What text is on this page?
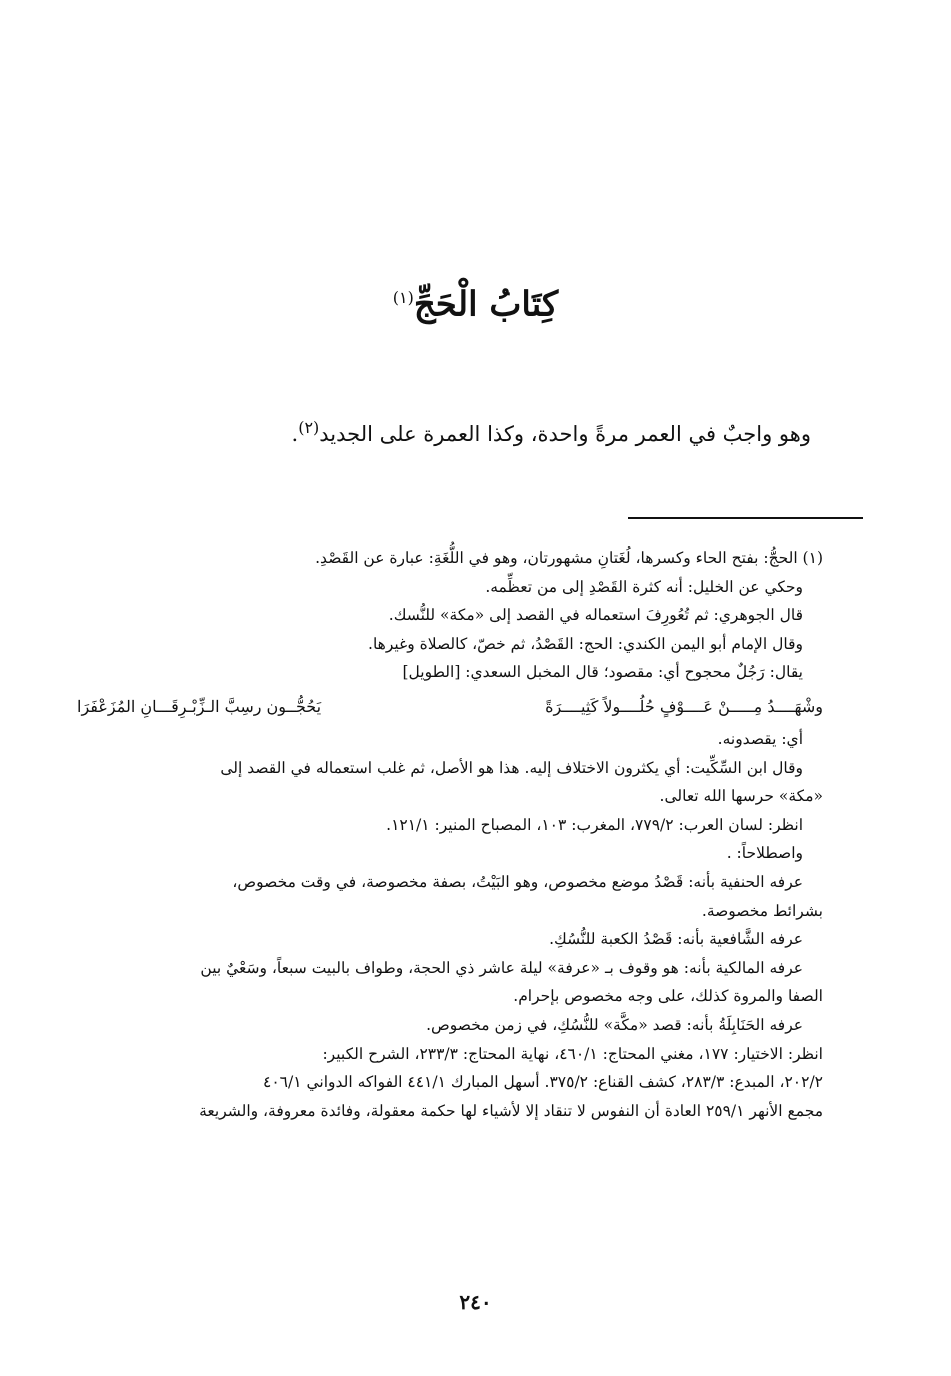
كِتَابُ الْحَجِّ$^{(١)}$
وهو واجبٌ في العمر مرةً واحدة، وكذا العمرة على الجديد$^{(٢)}$.
(١) الحجُّ: بفتح الحاء وكسرها، لُغَتانِ مشهورتان، وهو في اللُّغَةِ: عبارة عن القَصْدِ.
وحكي عن الخليل: أنه كثرة القَصْدِ إلى من تعظِّمه.
قال الجوهري: ثم تُعُورِفَ استعماله في القصد إلى «مكة» للنُّسك.
وقال الإمام أبو اليمن الكندي: الحج: القَصْدُ، ثم خصّ، كالصلاة وغيرها.
يقال: رَجُلٌ محجوح أي: مقصود؛ قال المخبل السعدي: [الطويل]
وشْهَــــدُ مِـــــنْ عَــــوْفٍ حُلُــــولاً كَثِيــــرَةً
يَحُجُّــون رسِبَّ الـزِّبْـرِقَـــانِ المُزَعْفَرَا
أي: يقصدونه.
وقال ابن السِّكِّيت: أي يكثرون الاختلاف إليه. هذا هو الأصل، ثم غلب استعماله في القصد إلى
«مكة» حرسها الله تعالى.
انظر: لسان العرب: ٧٧٩/٢، المغرب: ١٠٣، المصباح المنير: ١٢١/١.
واصطلاحاً: .
عرفه الحنفية بأنه: قَصْدُ موضع مخصوص، وهو البَيْتُ، بصفة مخصوصة، في وقت مخصوص،
بشرائط مخصوصة.
عرفه الشَّافعية بأنه: قَصْدُ الكعبة للنُّسُكِ.
عرفه المالكية بأنه: هو وقوف بـ «عرفة» ليلة عاشر ذي الحجة، وطواف بالبيت سبعاً، وسَعْيٌ بين
الصفا والمروة كذلك، على وجه مخصوص بإحرام.
عرفه الحَنَابِلَةُ بأنه: قصد «مكَّة» للنُّسُكِ، في زمن مخصوص.
انظر: الاختيار: ١٧٧، مغني المحتاج: ٤٦٠/١، نهاية المحتاج: ٢٣٣/٣، الشرح الكبير:
٢٠٢/٢، المبدع: ٢٨٣/٣، كشف القناع: ٣٧٥/٢. أسهل المبارك ٤٤١/١ الفواكه الدواني ٤٠٦/١
مجمع الأنهر ٢٥٩/١ العادة أن النفوس لا تنقاد إلا لأشياء لها حكمة معقولة، وفائدة معروفة، والشريعة
٢٤٠
